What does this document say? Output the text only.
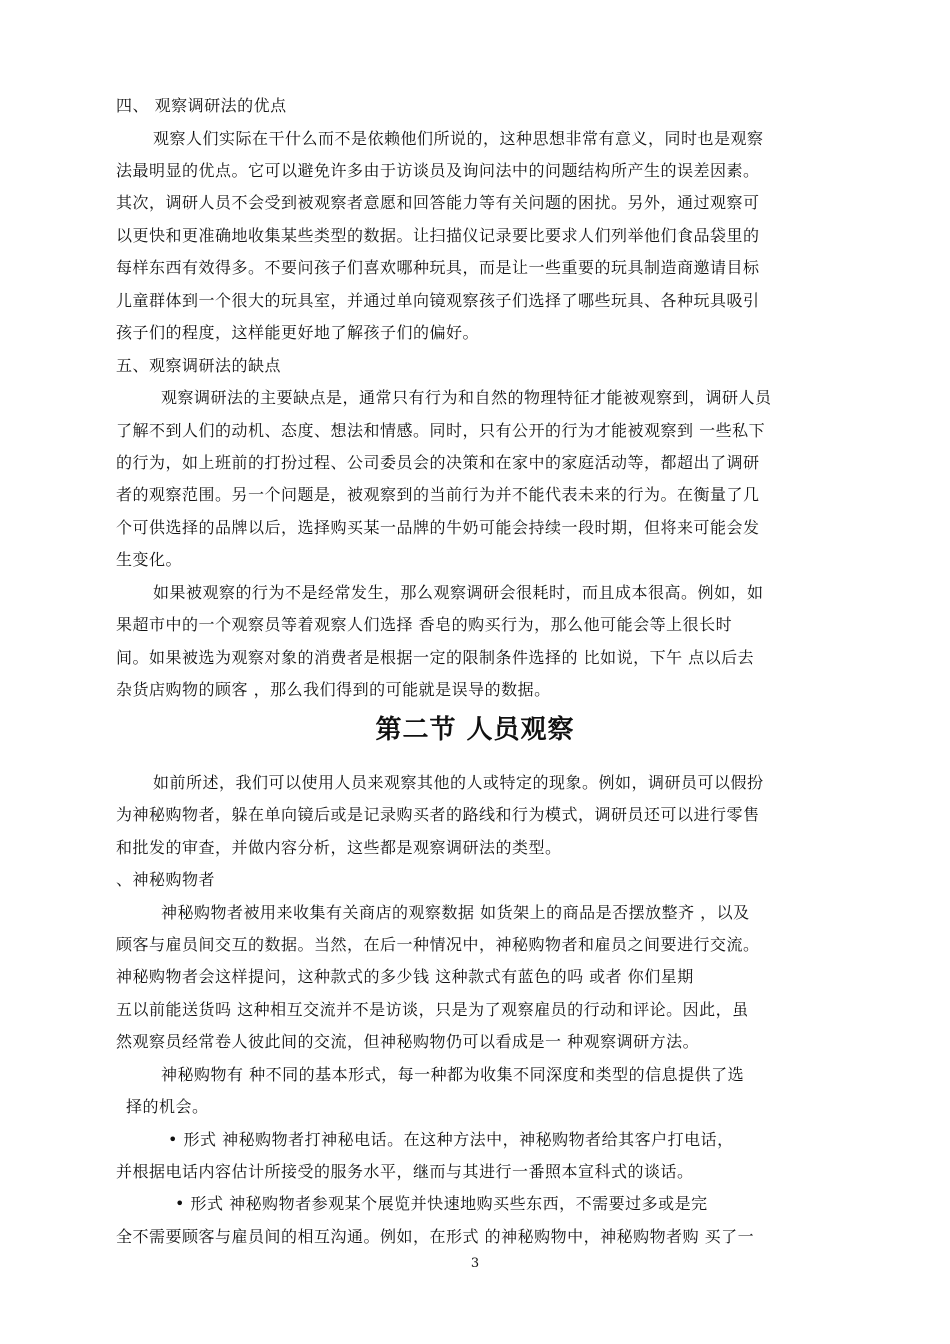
四、 观察调研法的优点

观察人们实际在干什么而不是依赖他们所说的，这种思想非常有意义，同时也是观察

法最明显的优点。它可以避免许多由于访谈员及询问法中的问题结构所产生的误差因素。

其次，调研人员不会受到被观察者意愿和回答能力等有关问题的困扰。另外，通过观察可

以更快和更准确地收集某些类型的数据。让扫描仪记录要比要求人们列举他们食品袋里的

每样东西有效得多。不要问孩子们喜欢哪种玩具，而是让一些重要的玩具制造商邀请目标

儿童群体到一个很大的玩具室，并通过单向镜观察孩子们选择了哪些玩具、各种玩具吸引

孩子们的程度，这样能更好地了解孩子们的偏好。

五、观察调研法的缺点

观察调研法的主要缺点是，通常只有行为和自然的物理特征才能被观察到，调研人员

了解不到人们的动机、态度、想法和情感。同时，只有公开的行为才能被观察到 一些私下

的行为，如上班前的打扮过程、公司委员会的决策和在家中的家庭活动等，都超出了调研

者的观察范围。另一个问题是，被观察到的当前行为并不能代表未来的行为。在衡量了几

个可供选择的品牌以后，选择购买某一品牌的牛奶可能会持续一段时期，但将来可能会发

生变化。

如果被观察的行为不是经常发生，那么观察调研会很耗时，而且成本很高。例如，如

果超市中的一个观察员等着观察人们选择 香皂的购买行为，那么他可能会等上很长时

间。如果被选为观察对象的消费者是根据一定的限制条件选择的 比如说，下午 点以后去

杂货店购物的顾客 ，那么我们得到的可能就是误导的数据。

第二节 人员观察

如前所述，我们可以使用人员来观察其他的人或特定的现象。例如，调研员可以假扮

为神秘购物者，躲在单向镜后或是记录购买者的路线和行为模式，调研员还可以进行零售

和批发的审查，并做内容分析，这些都是观察调研法的类型。

、神秘购物者

神秘购物者被用来收集有关商店的观察数据 如货架上的商品是否摆放整齐 ，以及

顾客与雇员间交互的数据。当然，在后一种情况中，神秘购物者和雇员之间要进行交流。

神秘购物者会这样提问，这种款式的多少钱 这种款式有蓝色的吗 或者 你们星期

五以前能送货吗 这种相互交流并不是访谈，只是为了观察雇员的行动和评论。因此，虽

然观察员经常卷人彼此间的交流，但神秘购物仍可以看成是一 种观察调研方法。

神秘购物有 种不同的基本形式，每一种都为收集不同深度和类型的信息提供了选

择的机会。

• 形式 神秘购物者打神秘电话。在这种方法中，神秘购物者给其客户打电话，

并根据电话内容估计所接受的服务水平，继而与其进行一番照本宣科式的谈话。

• 形式 神秘购物者参观某个展览并快速地购买些东西，不需要过多或是完

全不需要顾客与雇员间的相互沟通。例如，在形式 的神秘购物中，神秘购物者购 买了一

3
